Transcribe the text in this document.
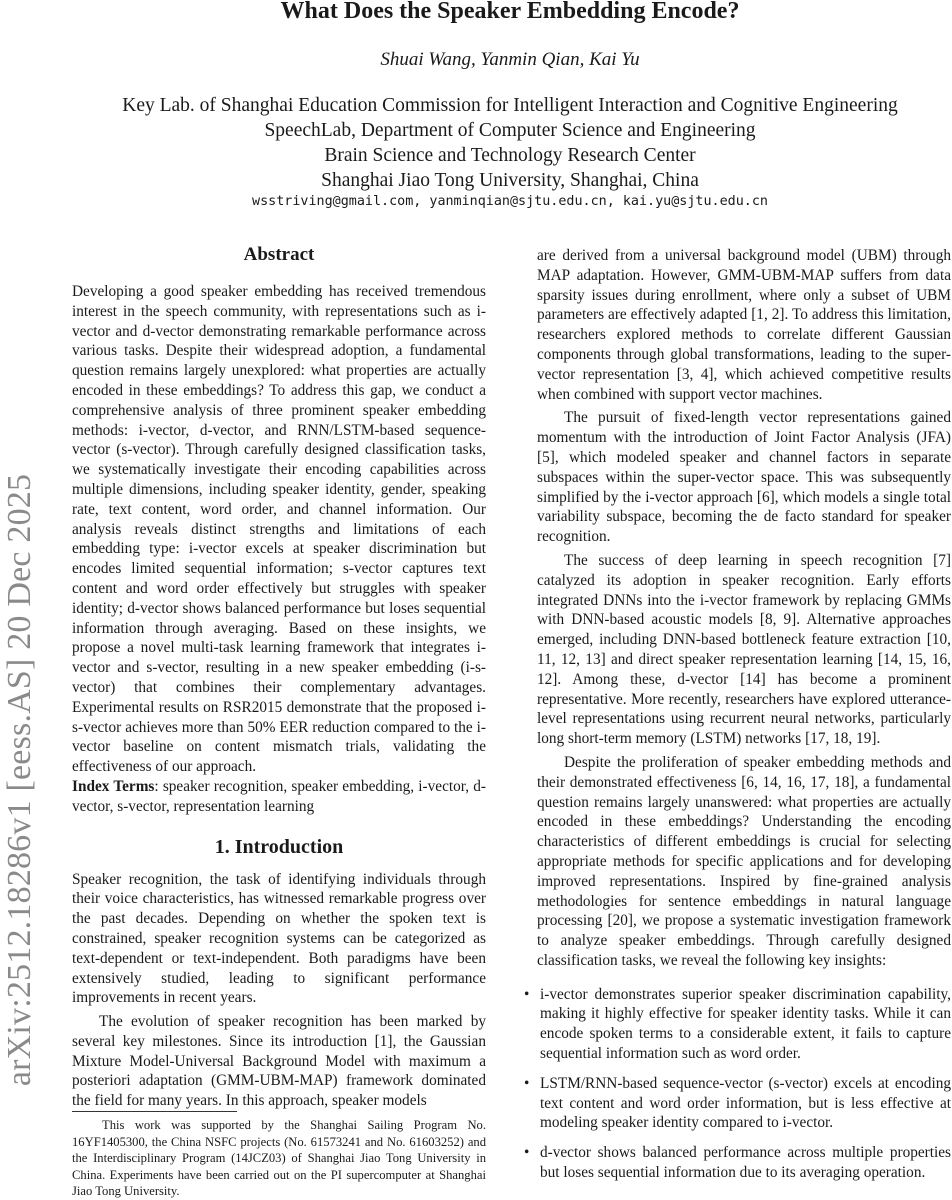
arXiv:2512.18286v1 [eess.AS] 20 Dec 2025
What Does the Speaker Embedding Encode?
Shuai Wang, Yanmin Qian, Kai Yu
Key Lab. of Shanghai Education Commission for Intelligent Interaction and Cognitive Engineering
SpeechLab, Department of Computer Science and Engineering
Brain Science and Technology Research Center
Shanghai Jiao Tong University, Shanghai, China
wsstriving@gmail.com, yanminqian@sjtu.edu.cn, kai.yu@sjtu.edu.cn
Abstract

Developing a good speaker embedding has received tremendous interest in the speech community, with representations such as i-vector and d-vector demonstrating remarkable performance across various tasks. Despite their widespread adoption, a fundamental question remains largely unexplored: what properties are actually encoded in these embeddings? To address this gap, we conduct a comprehensive analysis of three prominent speaker embedding methods: i-vector, d-vector, and RNN/LSTM-based sequence-vector (s-vector). Through carefully designed classification tasks, we systematically investigate their encoding capabilities across multiple dimensions, including speaker identity, gender, speaking rate, text content, word order, and channel information. Our analysis reveals distinct strengths and limitations of each embedding type: i-vector excels at speaker discrimination but encodes limited sequential information; s-vector captures text content and word order effectively but struggles with speaker identity; d-vector shows balanced performance but loses sequential information through averaging. Based on these insights, we propose a novel multi-task learning framework that integrates i-vector and s-vector, resulting in a new speaker embedding (i-s-vector) that combines their complementary advantages. Experimental results on RSR2015 demonstrate that the proposed i-s-vector achieves more than 50% EER reduction compared to the i-vector baseline on content mismatch trials, validating the effectiveness of our approach.

Index Terms: speaker recognition, speaker embedding, i-vector, d-vector, s-vector, representation learning

1. Introduction

Speaker recognition, the task of identifying individuals through their voice characteristics, has witnessed remarkable progress over the past decades. Depending on whether the spoken text is constrained, speaker recognition systems can be categorized as text-dependent or text-independent. Both paradigms have been extensively studied, leading to significant performance improvements in recent years.

The evolution of speaker recognition has been marked by several key milestones. Since its introduction [1], the Gaussian Mixture Model-Universal Background Model with maximum a posteriori adaptation (GMM-UBM-MAP) framework dominated the field for many years. In this approach, speaker models

This work was supported by the Shanghai Sailing Program No. 16YF1405300, the China NSFC projects (No. 61573241 and No. 61603252) and the Interdisciplinary Program (14JCZ03) of Shanghai Jiao Tong University in China. Experiments have been carried out on the PI supercomputer at Shanghai Jiao Tong University.

are derived from a universal background model (UBM) through MAP adaptation. However, GMM-UBM-MAP suffers from data sparsity issues during enrollment, where only a subset of UBM parameters are effectively adapted [1, 2]. To address this limitation, researchers explored methods to correlate different Gaussian components through global transformations, leading to the super-vector representation [3, 4], which achieved competitive results when combined with support vector machines.

The pursuit of fixed-length vector representations gained momentum with the introduction of Joint Factor Analysis (JFA) [5], which modeled speaker and channel factors in separate subspaces within the super-vector space. This was subsequently simplified by the i-vector approach [6], which models a single total variability subspace, becoming the de facto standard for speaker recognition.

The success of deep learning in speech recognition [7] catalyzed its adoption in speaker recognition. Early efforts integrated DNNs into the i-vector framework by replacing GMMs with DNN-based acoustic models [8, 9]. Alternative approaches emerged, including DNN-based bottleneck feature extraction [10, 11, 12, 13] and direct speaker representation learning [14, 15, 16, 12]. Among these, d-vector [14] has become a prominent representative. More recently, researchers have explored utterance-level representations using recurrent neural networks, particularly long short-term memory (LSTM) networks [17, 18, 19].

Despite the proliferation of speaker embedding methods and their demonstrated effectiveness [6, 14, 16, 17, 18], a fundamental question remains largely unanswered: what properties are actually encoded in these embeddings? Understanding the encoding characteristics of different embeddings is crucial for selecting appropriate methods for specific applications and for developing improved representations. Inspired by fine-grained analysis methodologies for sentence embeddings in natural language processing [20], we propose a systematic investigation framework to analyze speaker embeddings. Through carefully designed classification tasks, we reveal the following key insights:

• i-vector demonstrates superior speaker discrimination capability, making it highly effective for speaker identity tasks. While it can encode spoken terms to a considerable extent, it fails to capture sequential information such as word order.
• LSTM/RNN-based sequence-vector (s-vector) excels at encoding text content and word order information, but is less effective at modeling speaker identity compared to i-vector.
• d-vector shows balanced performance across multiple properties but loses sequential information due to its averaging operation.
